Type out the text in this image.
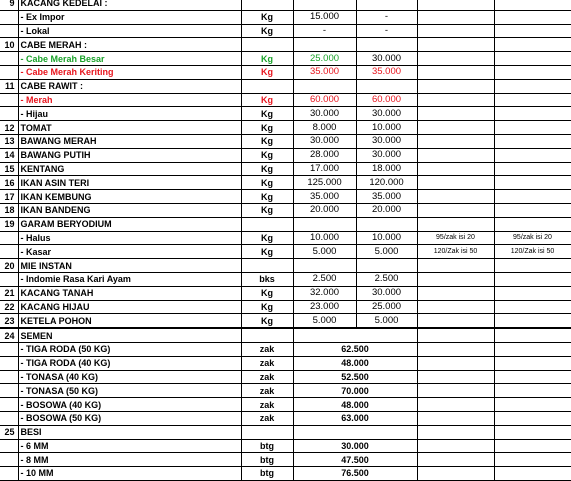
9	KACANG KEDELAI :					
	- Ex Impor	Kg	15.000	-		
	- Lokal	Kg	-	-		
10	CABE MERAH :					
	- Cabe Merah Besar	Kg	25.000	30.000		
	- Cabe Merah Keriting	Kg	35.000	35.000		
11	CABE RAWIT :					
	- Merah	Kg	60.000	60.000		
	- Hijau	Kg	30.000	30.000		
12	TOMAT	Kg	8.000	10.000		
13	BAWANG MERAH	Kg	30.000	30.000		
14	BAWANG PUTIH	Kg	28.000	30.000		
15	KENTANG	Kg	17.000	18.000		
16	IKAN ASIN TERI	Kg	125.000	120.000		
17	IKAN KEMBUNG	Kg	35.000	35.000		
18	IKAN BANDENG	Kg	20.000	20.000		
19	GARAM BERYODIUM					
	- Halus	Kg	10.000	10.000	95/zak isi 20	95/zak isi 20
	- Kasar	Kg	5.000	5.000	120/Zak isi 50	120/Zak isi 50
20	MIE INSTAN					
	- Indomie Rasa Kari Ayam	bks	2.500	2.500		
21	KACANG TANAH	Kg	32.000	30.000		
22	KACANG HIJAU	Kg	23.000	25.000		
23	KETELA POHON	Kg	5.000	5.000		
24	SEMEN					
	- TIGA RODA (50 KG)	zak	62.500			
	- TIGA RODA (40 KG)	zak	48.000			
	- TONASA (40 KG)	zak	52.500			
	- TONASA (50 KG)	zak	70.000			
	- BOSOWA (40 KG)	zak	48.000			
	- BOSOWA (50 KG)	zak	63.000			
25	BESI					
	- 6 MM	btg	30.000			
	- 8 MM	btg	47.500			
	- 10 MM	btg	76.500			
